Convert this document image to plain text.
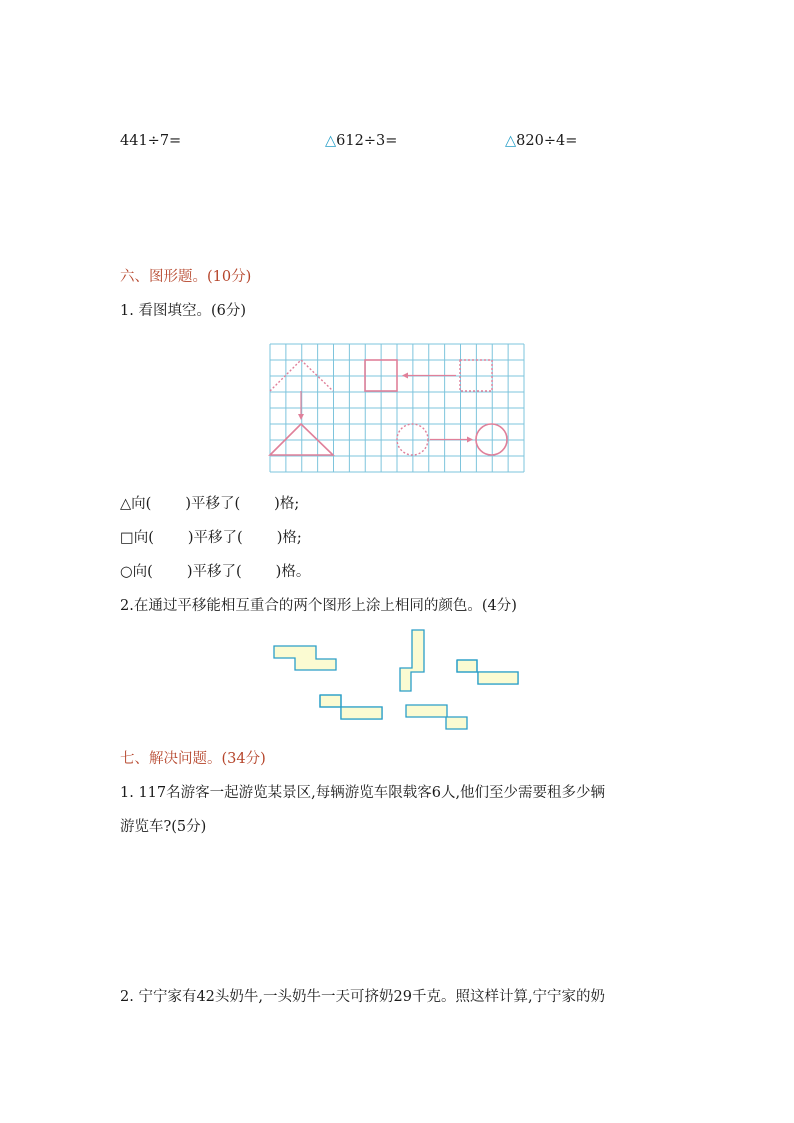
441÷7=	△612÷3=	△820÷4=
六、图形题。(10分)
1. 看图填空。(6分)
△向( )平移了( )格;
□向( )平移了( )格;
○向( )平移了( )格。
2.在通过平移能相互重合的两个图形上涂上相同的颜色。(4分)
七、解决问题。(34分)
1. 117名游客一起游览某景区,每辆游览车限载客6人,他们至少需要租多少辆
游览车?(5分)
2. 宁宁家有42头奶牛,一头奶牛一天可挤奶29千克。照这样计算,宁宁家的奶
